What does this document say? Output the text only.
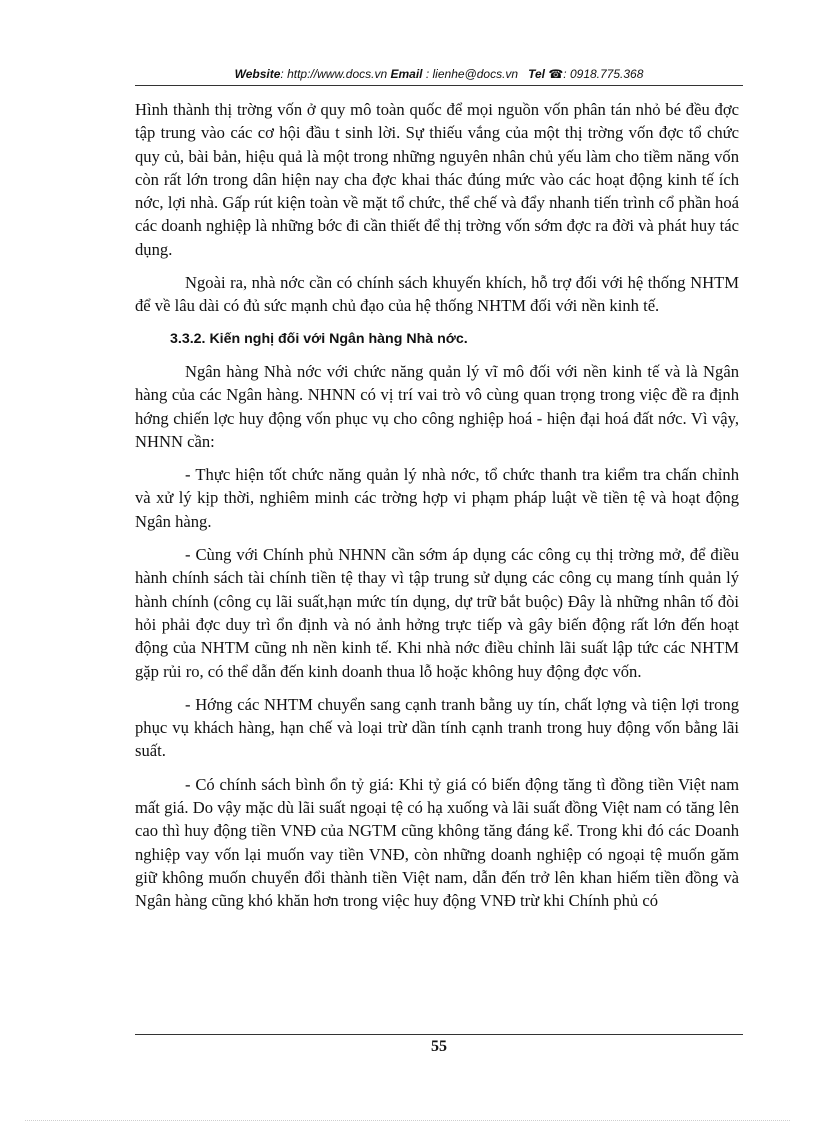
Website: http://www.docs.vn Email : lienhe@docs.vn Tel ☎: 0918.775.368

Hình thành thị trờng vốn ở quy mô toàn quốc để mọi nguồn vốn phân tán nhỏ bé đều đợc tập trung vào các cơ hội đầu t sinh lời. Sự thiếu vắng của một thị trờng vốn đợc tổ chức quy củ, bài bản, hiệu quả là một trong những nguyên nhân chủ yếu làm cho tiềm năng vốn còn rất lớn trong dân hiện nay cha đợc khai thác đúng mức vào các hoạt động kinh tế ích nớc, lợi nhà. Gấp rút kiện toàn về mặt tổ chức, thể chế và đẩy nhanh tiến trình cổ phần hoá các doanh nghiệp là những bớc đi cần thiết để thị trờng vốn sớm đợc ra đời và phát huy tác dụng.

Ngoài ra, nhà nớc cần có chính sách khuyến khích, hỗ trợ đối với hệ thống NHTM để về lâu dài có đủ sức mạnh chủ đạo của hệ thống NHTM đối với nền kinh tế.

3.3.2. Kiến nghị đối với Ngân hàng Nhà nớc.

Ngân hàng Nhà nớc với chức năng quản lý vĩ mô đối với nền kinh tế và là Ngân hàng của các Ngân hàng. NHNN có vị trí vai trò vô cùng quan trọng trong việc đề ra định hớng chiến lợc huy động vốn phục vụ cho công nghiệp hoá - hiện đại hoá đất nớc. Vì vậy, NHNN cần:

- Thực hiện tốt chức năng quản lý nhà nớc, tổ chức thanh tra kiểm tra chấn chỉnh và xử lý kịp thời, nghiêm minh các trờng hợp vi phạm pháp luật về tiền tệ và hoạt động Ngân hàng.

- Cùng với Chính phủ NHNN cần sớm áp dụng các công cụ thị trờng mở, để điều hành chính sách tài chính tiền tệ thay vì tập trung sử dụng các công cụ mang tính quản lý hành chính (công cụ lãi suất,hạn mức tín dụng, dự trữ bắt buộc) Đây là những nhân tố đòi hỏi phải đợc duy trì ổn định và nó ảnh hởng trực tiếp và gây biến động rất lớn đến hoạt động của NHTM cũng nh nền kinh tế. Khi nhà nớc điều chỉnh lãi suất lập tức các NHTM gặp rủi ro, có thể dẫn đến kinh doanh thua lỗ hoặc không huy động đợc vốn.

- Hớng các NHTM chuyển sang cạnh tranh bằng uy tín, chất lợng và tiện lợi trong phục vụ khách hàng, hạn chế và loại trừ dần tính cạnh tranh trong huy động vốn bằng lãi suất.

- Có chính sách bình ổn tỷ giá: Khi tỷ giá có biến động tăng tì đồng tiền Việt nam mất giá. Do vậy mặc dù lãi suất ngoại tệ có hạ xuống và lãi suất đồng Việt nam có tăng lên cao thì huy động tiền VNĐ của NGTM cũng không tăng đáng kể. Trong khi đó các Doanh nghiệp vay vốn lại muốn vay tiền VNĐ, còn những doanh nghiệp có ngoại tệ muốn găm giữ không muốn chuyển đổi thành tiền Việt nam, dẫn đến trở lên khan hiếm tiền đồng và Ngân hàng cũng khó khăn hơn trong việc huy động VNĐ trừ khi Chính phủ có

55
